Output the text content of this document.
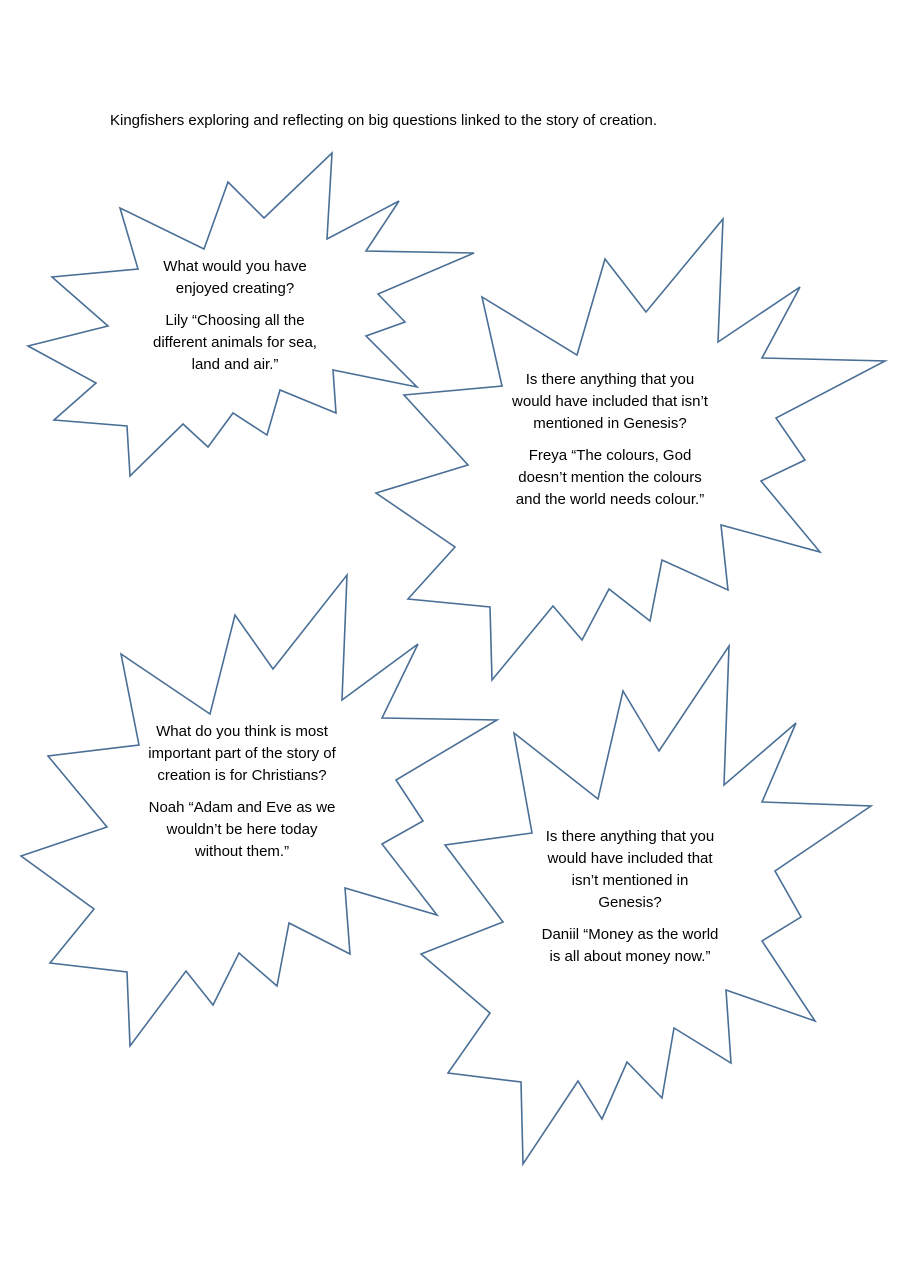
Kingfishers exploring and reflecting on big questions linked to the story of creation.

What would you have enjoyed creating?

Lily “Choosing all the different animals for sea, land and air.”

Is there anything that you would have included that isn’t mentioned in Genesis?

Freya “The colours, God doesn’t mention the colours and the world needs colour.”

What do you think is most important part of the story of creation is for Christians?

Noah “Adam and Eve as we wouldn’t be here today without them.”

Is there anything that you would have included that isn’t mentioned in Genesis?

Daniil “Money as the world is all about money now.”
